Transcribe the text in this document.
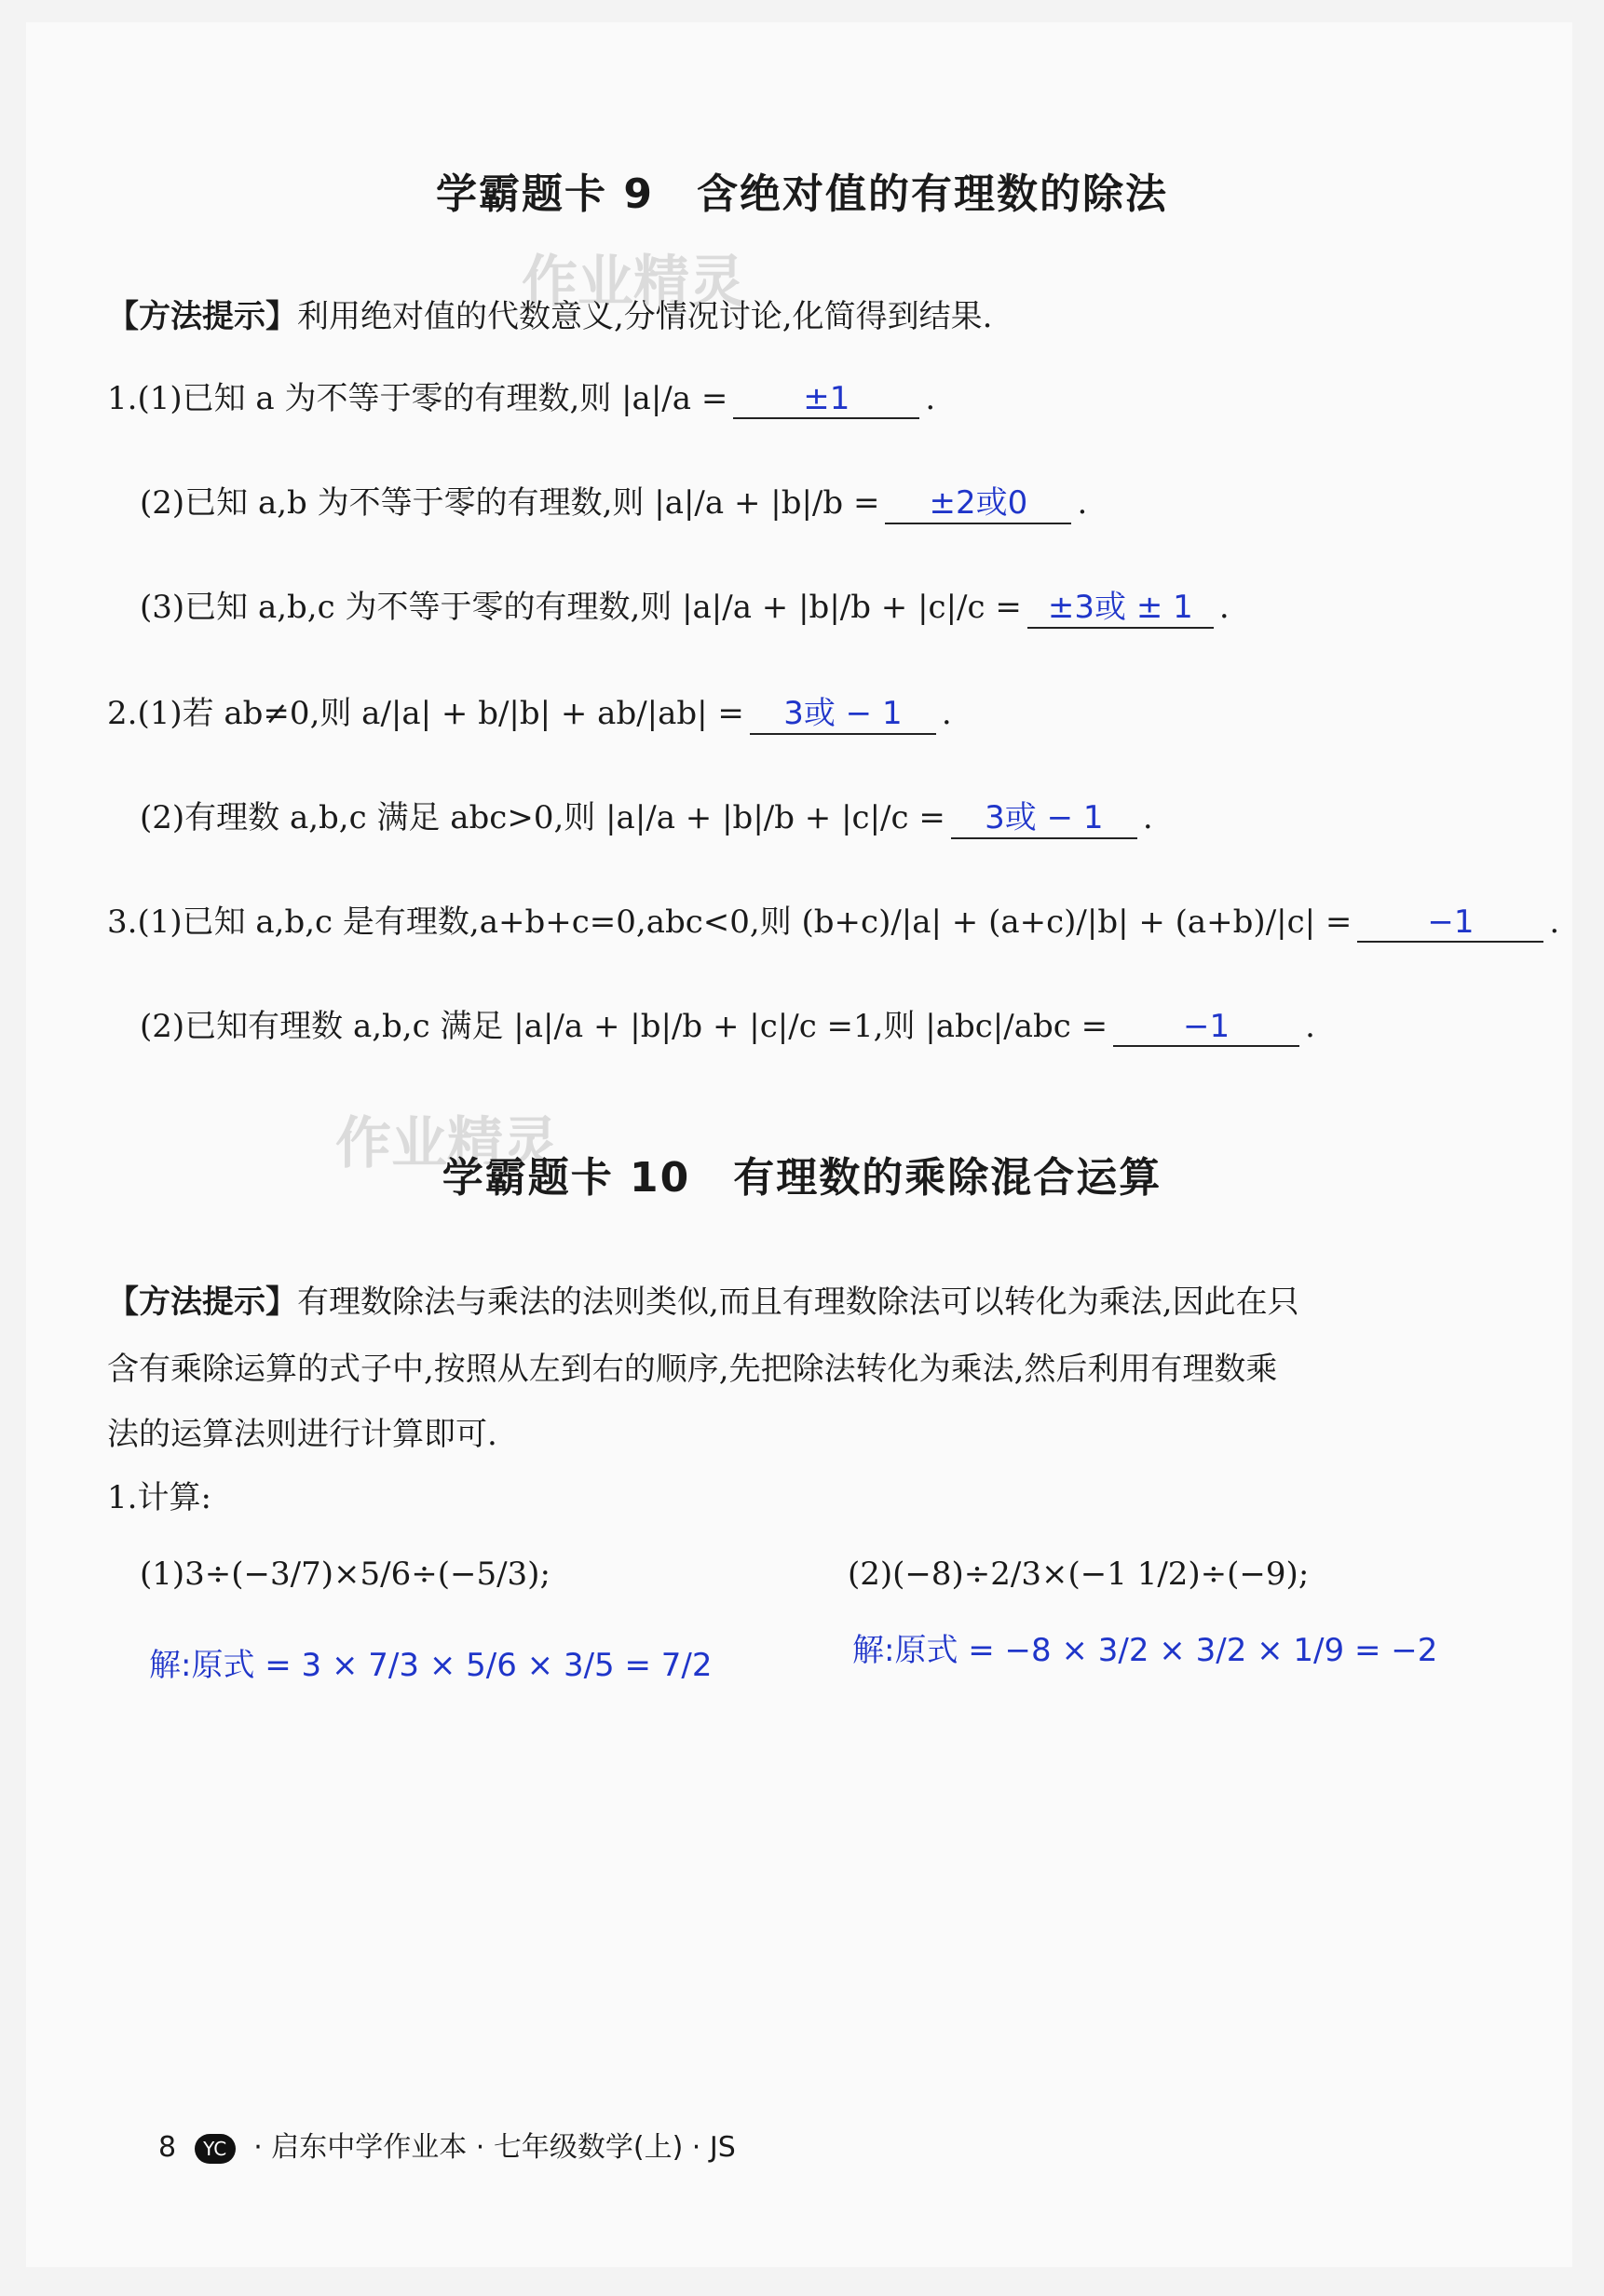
作业精灵
作业精灵
学霸题卡 9　含绝对值的有理数的除法
【方法提示】利用绝对值的代数意义,分情况讨论,化简得到结果.
1.(1)已知 a 为不等于零的有理数,则 |a|/a = ±1 .
(2)已知 a,b 为不等于零的有理数,则 |a|/a + |b|/b = ±2或0 .
(3)已知 a,b,c 为不等于零的有理数,则 |a|/a + |b|/b + |c|/c = ±3或 ± 1 .
2.(1)若 ab≠0,则 a/|a| + b/|b| + ab/|ab| = 3或 − 1 .
(2)有理数 a,b,c 满足 abc>0,则 |a|/a + |b|/b + |c|/c = 3或 − 1 .
3.(1)已知 a,b,c 是有理数,a+b+c=0,abc<0,则 (b+c)/|a| + (a+c)/|b| + (a+b)/|c| = −1 .
(2)已知有理数 a,b,c 满足 |a|/a + |b|/b + |c|/c =1,则 |abc|/abc = −1 .
学霸题卡 10　有理数的乘除混合运算
【方法提示】有理数除法与乘法的法则类似,而且有理数除法可以转化为乘法,因此在只
含有乘除运算的式子中,按照从左到右的顺序,先把除法转化为乘法,然后利用有理数乘
法的运算法则进行计算即可.
1.计算:
(1)3÷(−3/7)×5/6÷(−5/3);
解:原式 = 3 × 7/3 × 5/6 × 3/5 = 7/2
(2)(−8)÷2/3×(−1 1/2)÷(−9);
解:原式 = −8 × 3/2 × 3/2 × 1/9 = −2
8 YC · 启东中学作业本 · 七年级数学(上) · JS
